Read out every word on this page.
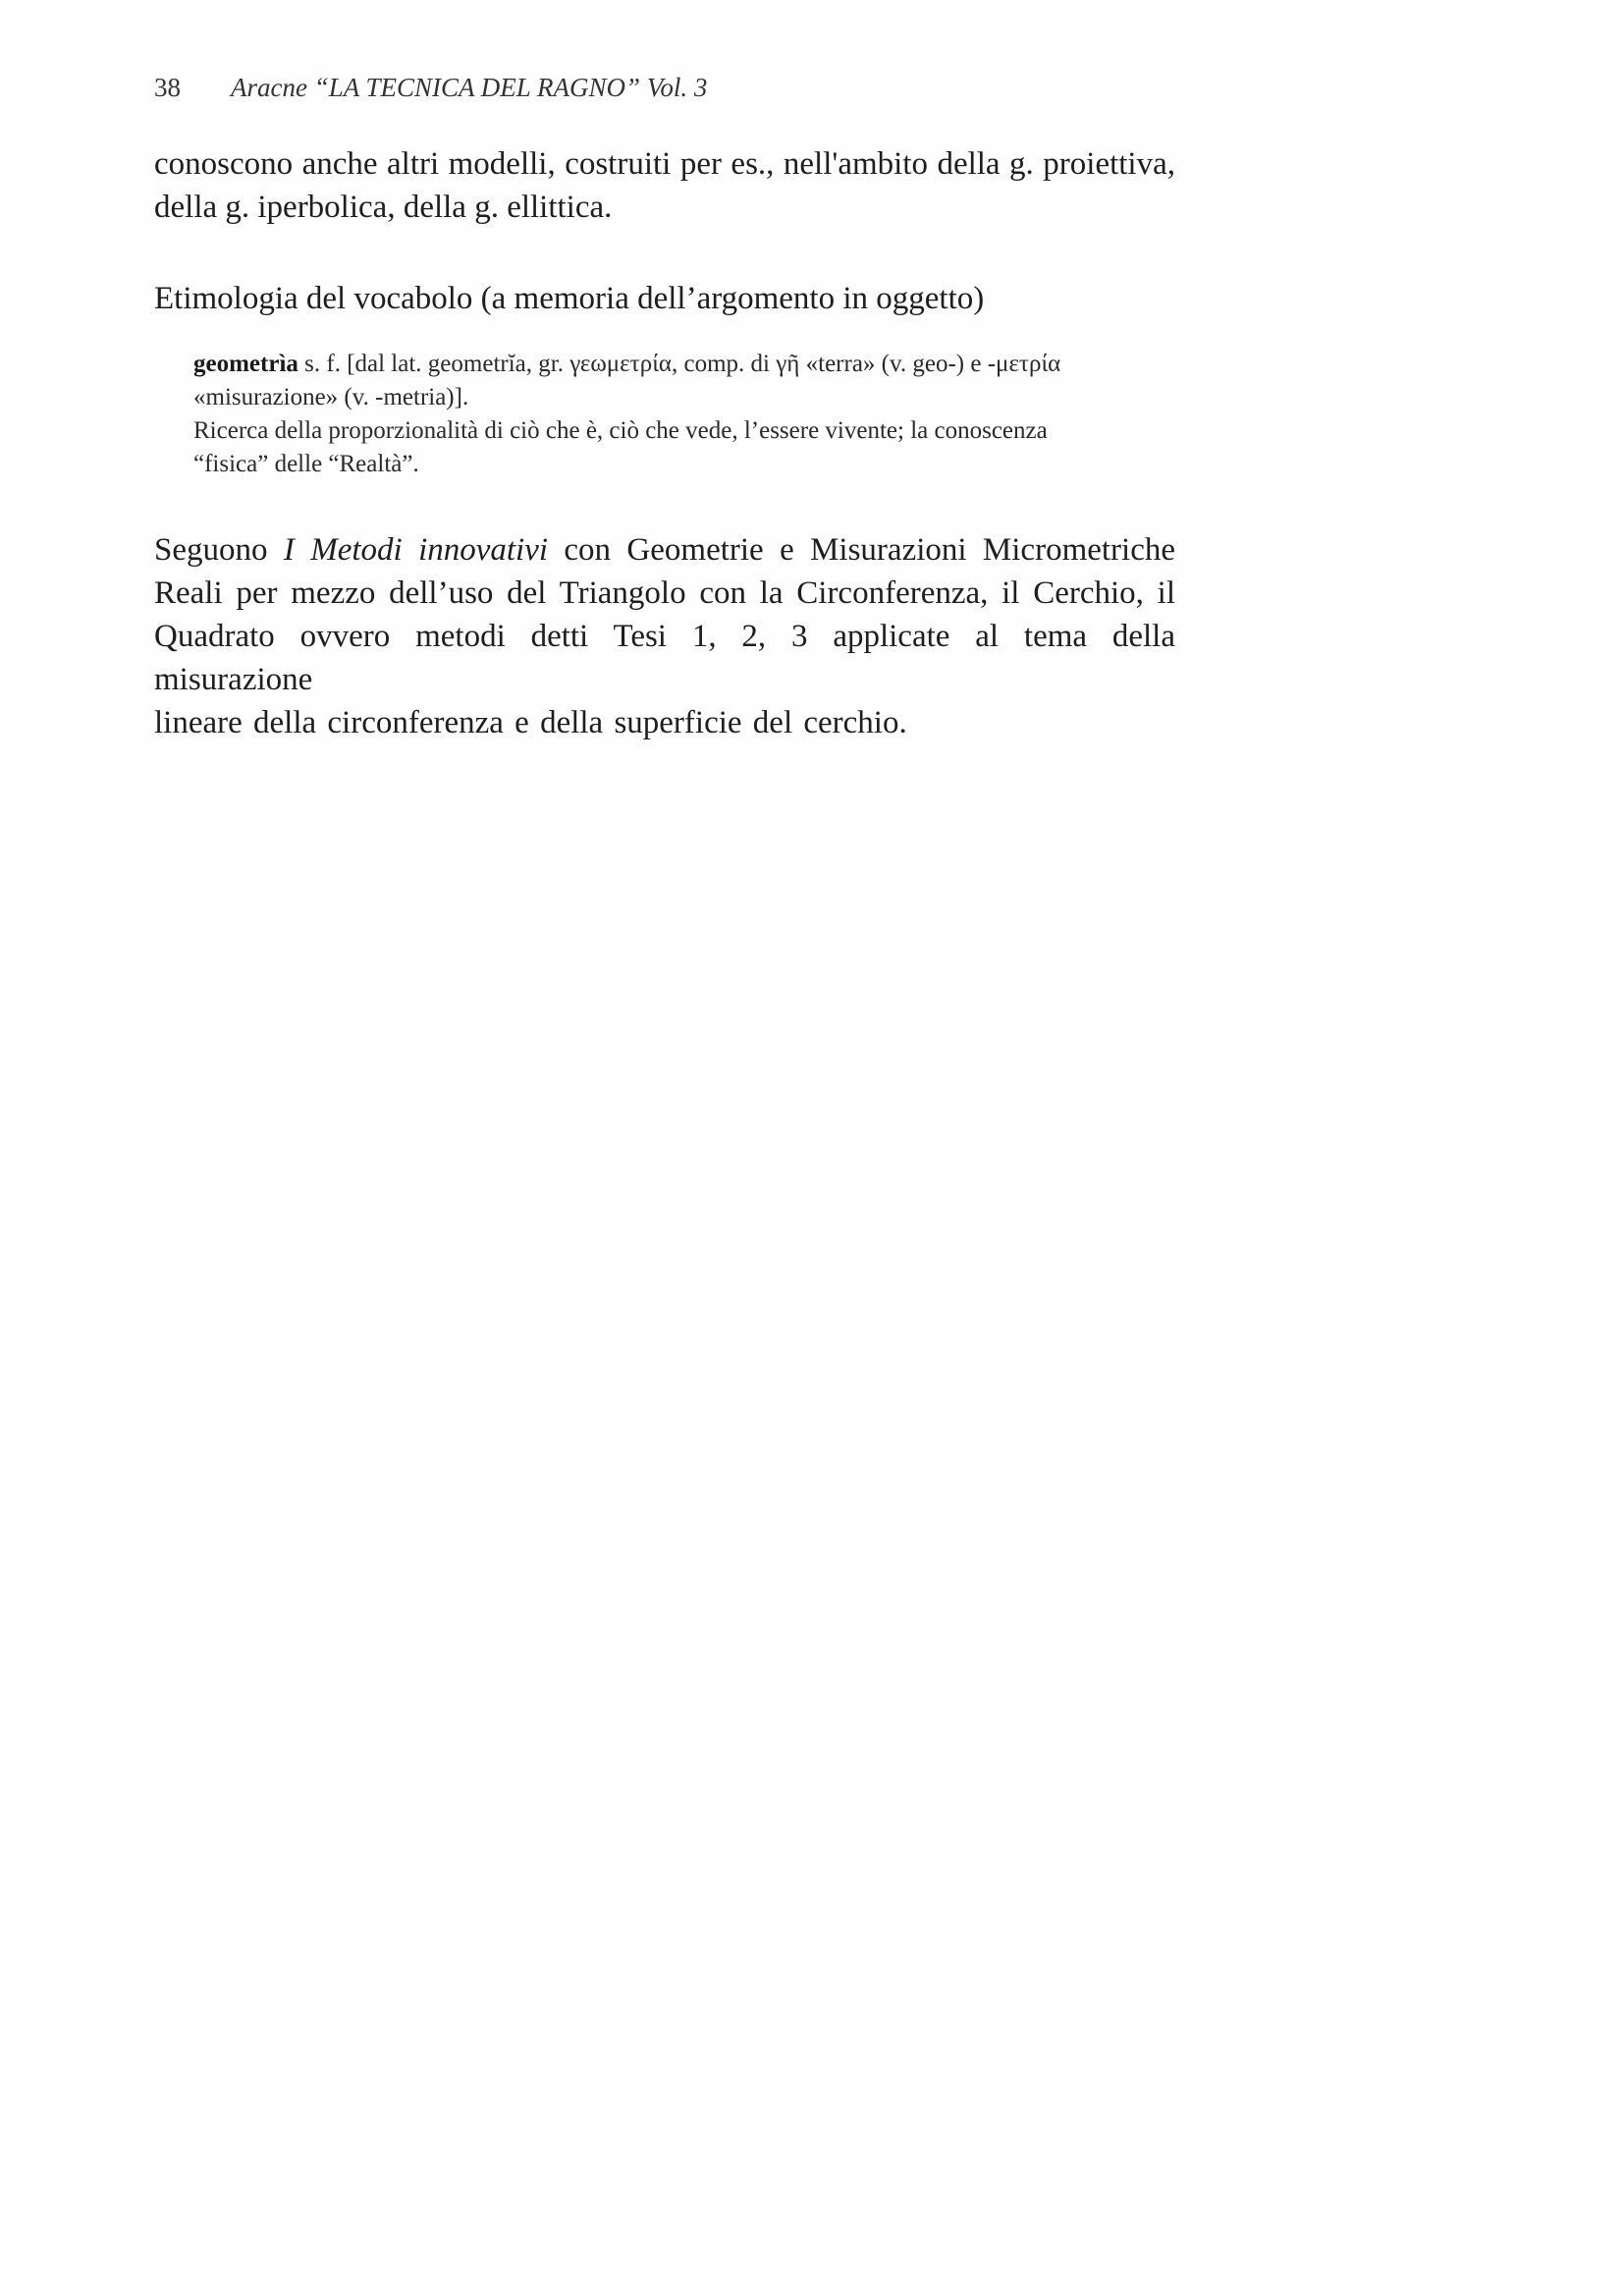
38 Aracne “LA TECNICA DEL RAGNO” Vol. 3

conoscono anche altri modelli, costruiti per es., nell'ambito della g. proiettiva,
della g. iperbolica, della g. ellittica.

Etimologia del vocabolo (a memoria dell’argomento in oggetto)

geometrìa s. f. [dal lat. geometrĭa, gr. γεωμετρία, comp. di γῆ «terra» (v. geo-) e -μετρία

«misurazione» (v. -metria)].

Ricerca della proporzionalità di ciò che è, ciò che vede, l’essere vivente; la conoscenza

“fisica” delle “Realtà”.

Seguono I Metodi innovativi con Geometrie e Misurazioni Micrometriche
Reali per mezzo dell’uso del Triangolo con la Circonferenza, il Cerchio, il
Quadrato ovvero metodi detti Tesi 1, 2, 3 applicate al tema della misurazione
lineare della circonferenza e della superficie del cerchio.
